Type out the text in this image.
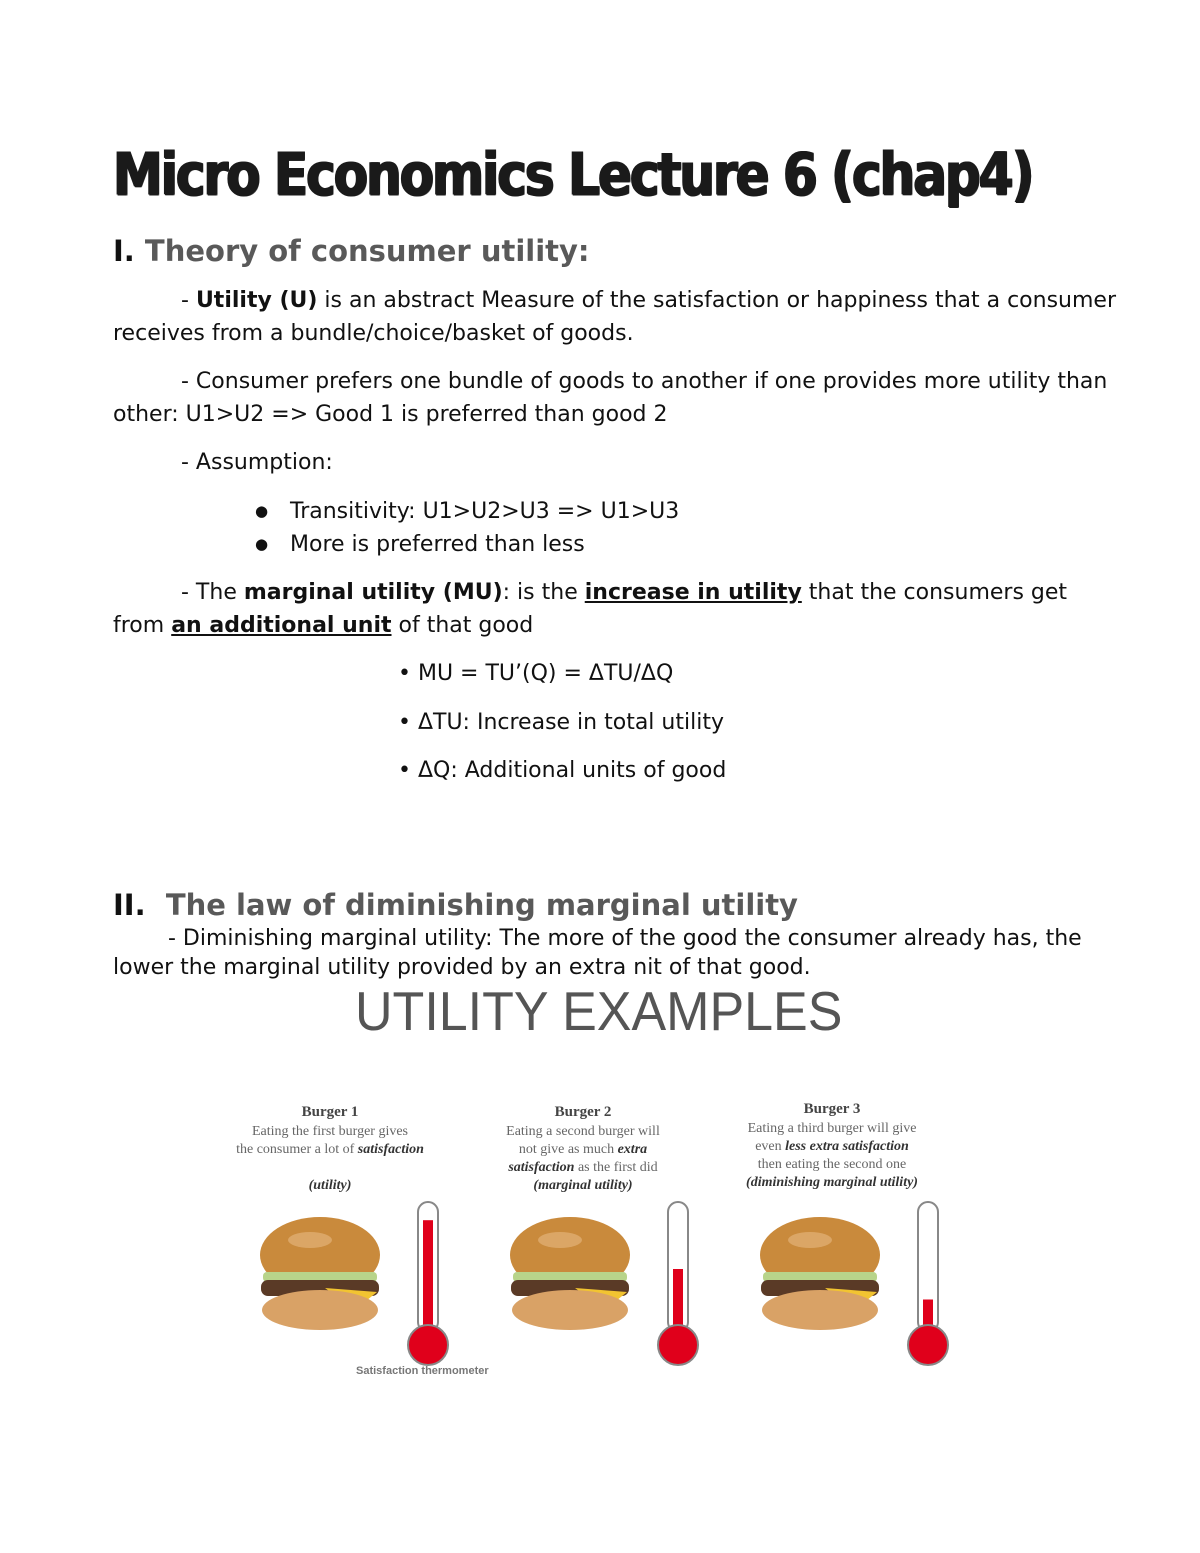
Micro Economics Lecture 6 (chap4)
I. Theory of consumer utility:

- Utility (U) is an abstract Measure of the satisfaction or happiness that a consumer receives from a bundle/choice/basket of goods.

- Consumer prefers one bundle of goods to another if one provides more utility than other: U1>U2 => Good 1 is preferred than good 2

- Assumption:

● Transitivity: U1>U2>U3 => U1>U3
● More is preferred than less

- The marginal utility (MU): is the increase in utility that the consumers get from an additional unit of that good

• MU = TU’(Q) = ΔTU/ΔQ

• ΔTU: Increase in total utility

• ΔQ: Additional units of good

II. The law of diminishing marginal utility

- Diminishing marginal utility: The more of the good the consumer already has, the lower the marginal utility provided by an extra nit of that good.

UTILITY EXAMPLES
Burger 1
Eating the first burger gives
the consumer a lot of satisfaction
(utility)
Burger 2
Eating a second burger will
not give as much extra
satisfaction as the first did
(marginal utility)
Burger 3
Eating a third burger will give
even less extra satisfaction
then eating the second one
(diminishing marginal utility)
Satisfaction thermometer
